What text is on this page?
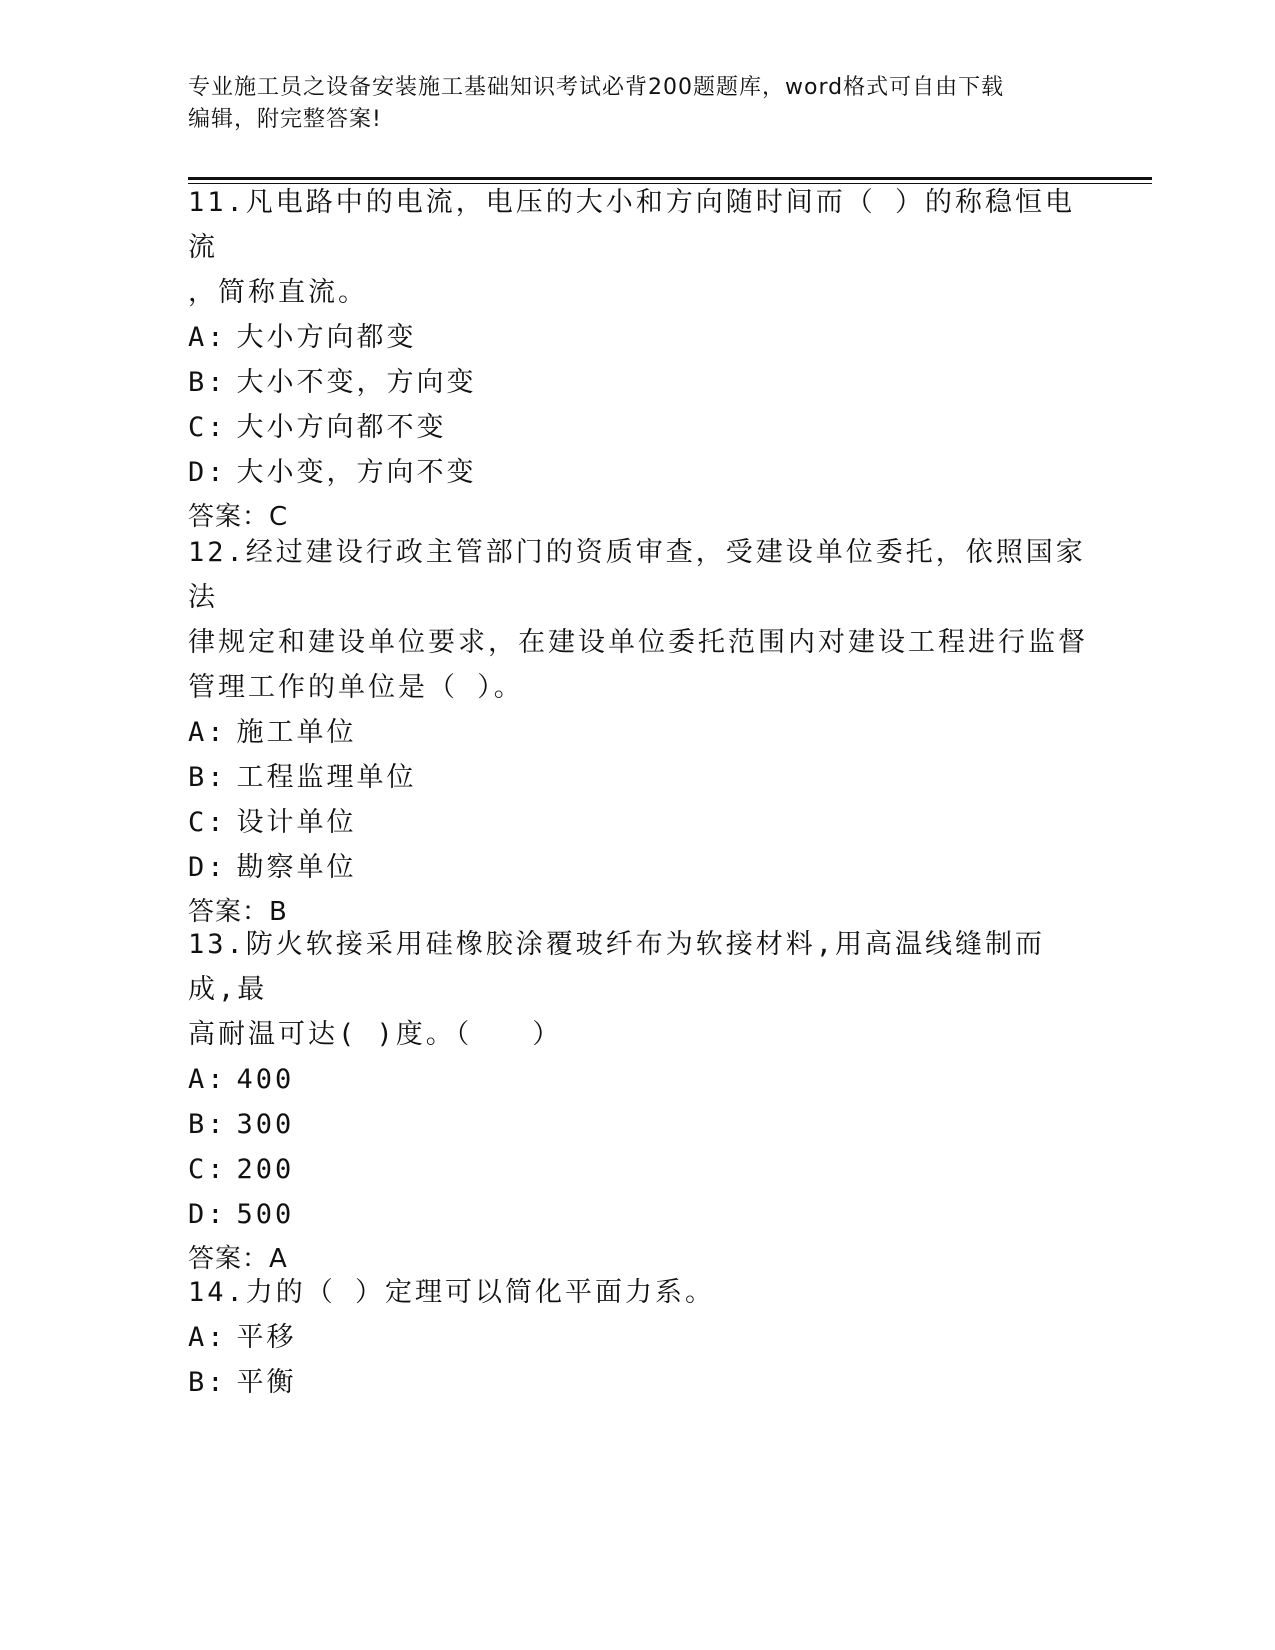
专业施工员之设备安装施工基础知识考试必背200题题库，word格式可自由下载
编辑，附完整答案!

11.凡电路中的电流，电压的大小和方向随时间而（ ）的称稳恒电流

，简称直流。

A: 大小方向都变

B: 大小不变，方向变

C: 大小方向都不变

D: 大小变，方向不变

答案：C

12.经过建设行政主管部门的资质审查，受建设单位委托，依照国家法

律规定和建设单位要求，在建设单位委托范围内对建设工程进行监督

管理工作的单位是（ ）。

A: 施工单位

B: 工程监理单位

C: 设计单位

D: 勘察单位

答案：B

13.防火软接采用硅橡胶涂覆玻纤布为软接材料,用高温线缝制而成,最

高耐温可达( )度。（　　）

A: 400

B: 300

C: 200

D: 500

答案：A

14.力的（ ）定理可以简化平面力系。

A: 平移

B: 平衡
